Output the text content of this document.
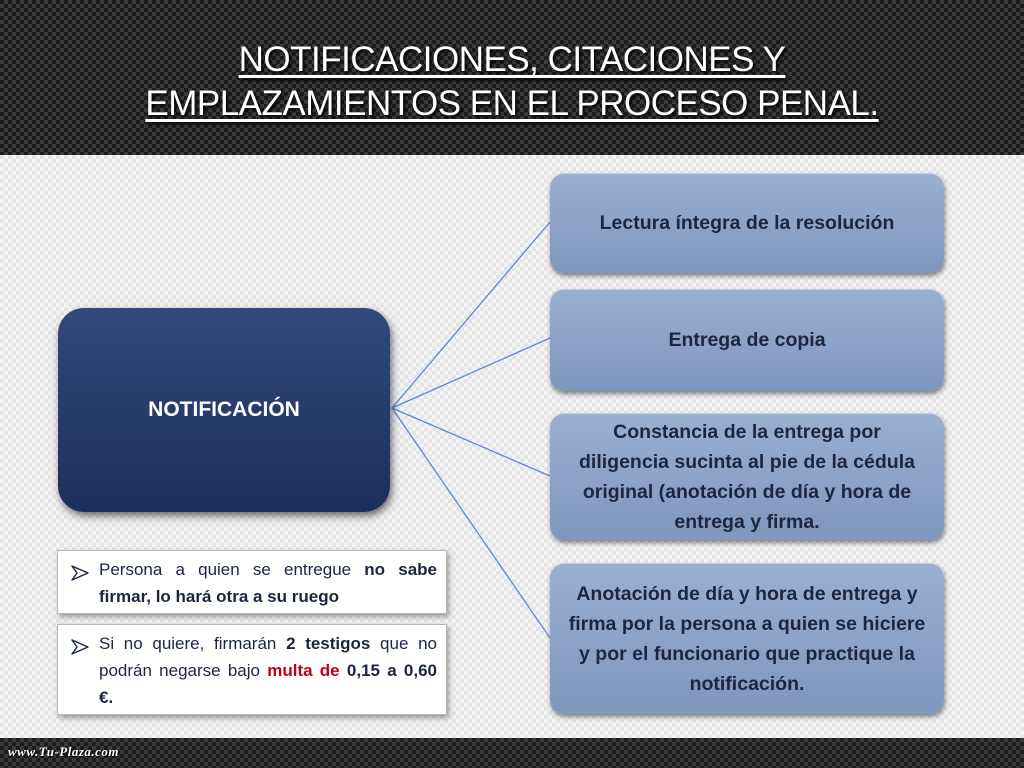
NOTIFICACIONES, CITACIONES Y
EMPLAZAMIENTOS EN EL PROCESO PENAL.
NOTIFICACIÓN
Lectura íntegra de la resolución
Entrega de copia
Constancia de la entrega por diligencia sucinta al pie de la cédula original (anotación de día y hora de entrega y firma.
Anotación de día y hora de entrega y firma por la persona a quien se hiciere y por el funcionario que practique la notificación.
Persona a quien se entregue no sabe firmar, lo hará otra a su ruego
Si no quiere, firmarán 2 testigos que no podrán negarse bajo multa de 0,15 a 0,60 €.
www.Tu-Plaza.com
